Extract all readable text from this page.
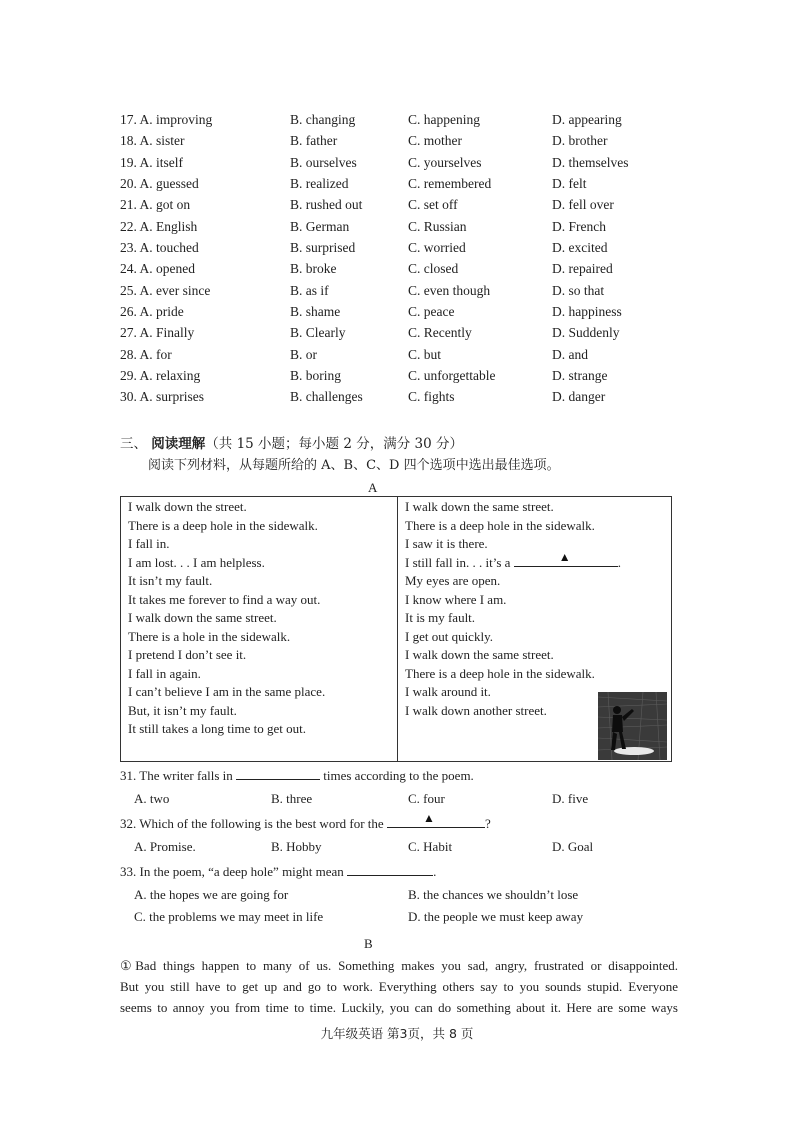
17. A. improving	B. changing	C. happening	D. appearing
18. A. sister	B. father	C. mother	D. brother
19. A. itself	B. ourselves	C. yourselves	D. themselves
20. A. guessed	B. realized	C. remembered	D. felt
21. A. got on	B. rushed out	C. set off	D. fell over
22. A. English	B. German	C. Russian	D. French
23. A. touched	B. surprised	C. worried	D. excited
24. A. opened	B. broke	C. closed	D. repaired
25. A. ever since	B. as if	C. even though	D. so that
26. A. pride	B. shame	C. peace	D. happiness
27. A. Finally	B. Clearly	C. Recently	D. Suddenly
28. A. for	B. or	C. but	D. and
29. A. relaxing	B. boring	C. unforgettable	D. strange
30. A. surprises	B. challenges	C. fights	D. danger
三、 阅读理解（共 15 小题；每小题 2 分，满分 30 分）
阅读下列材料，从每题所给的 A、B、C、D 四个选项中选出最佳选项。
A
I walk down the street.
There is a deep hole in the sidewalk.
I fall in.
I am lost. . . I am helpless.
It isn’t my fault.
It takes me forever to find a way out.
I walk down the same street.
There is a hole in the sidewalk.
I pretend I don’t see it.
I fall in again.
I can’t believe I am in the same place.
But, it isn’t my fault.
It still takes a long time to get out.
I walk down the same street.
There is a deep hole in the sidewalk.
I saw it is there.
I still fall in. . . it’s a	▲	.
My eyes are open.
I know where I am.
It is my fault.
I get out quickly.
I walk down the same street.
There is a deep hole in the sidewalk.
I walk around it.
I walk down another street.
31. The writer falls in	times according to the poem.
A. two	B. three	C. four	D. five
32. Which of the following is the best word for the	▲	?
A. Promise.	B. Hobby	C. Habit	D. Goal
33. In the poem, “a deep hole” might mean	.
A. the hopes we are going for	B. the chances we shouldn’t lose
C. the problems we may meet in life	D. the people we must keep away
B

①Bad things happen to many of us. Something makes you sad, angry, frustrated or disappointed.

But you still have to get up and go to work. Everything others say to you sounds stupid. Everyone

seems to annoy you from time to time. Luckily, you can do something about it. Here are some ways

九年级英语 第3页，共 8 页
